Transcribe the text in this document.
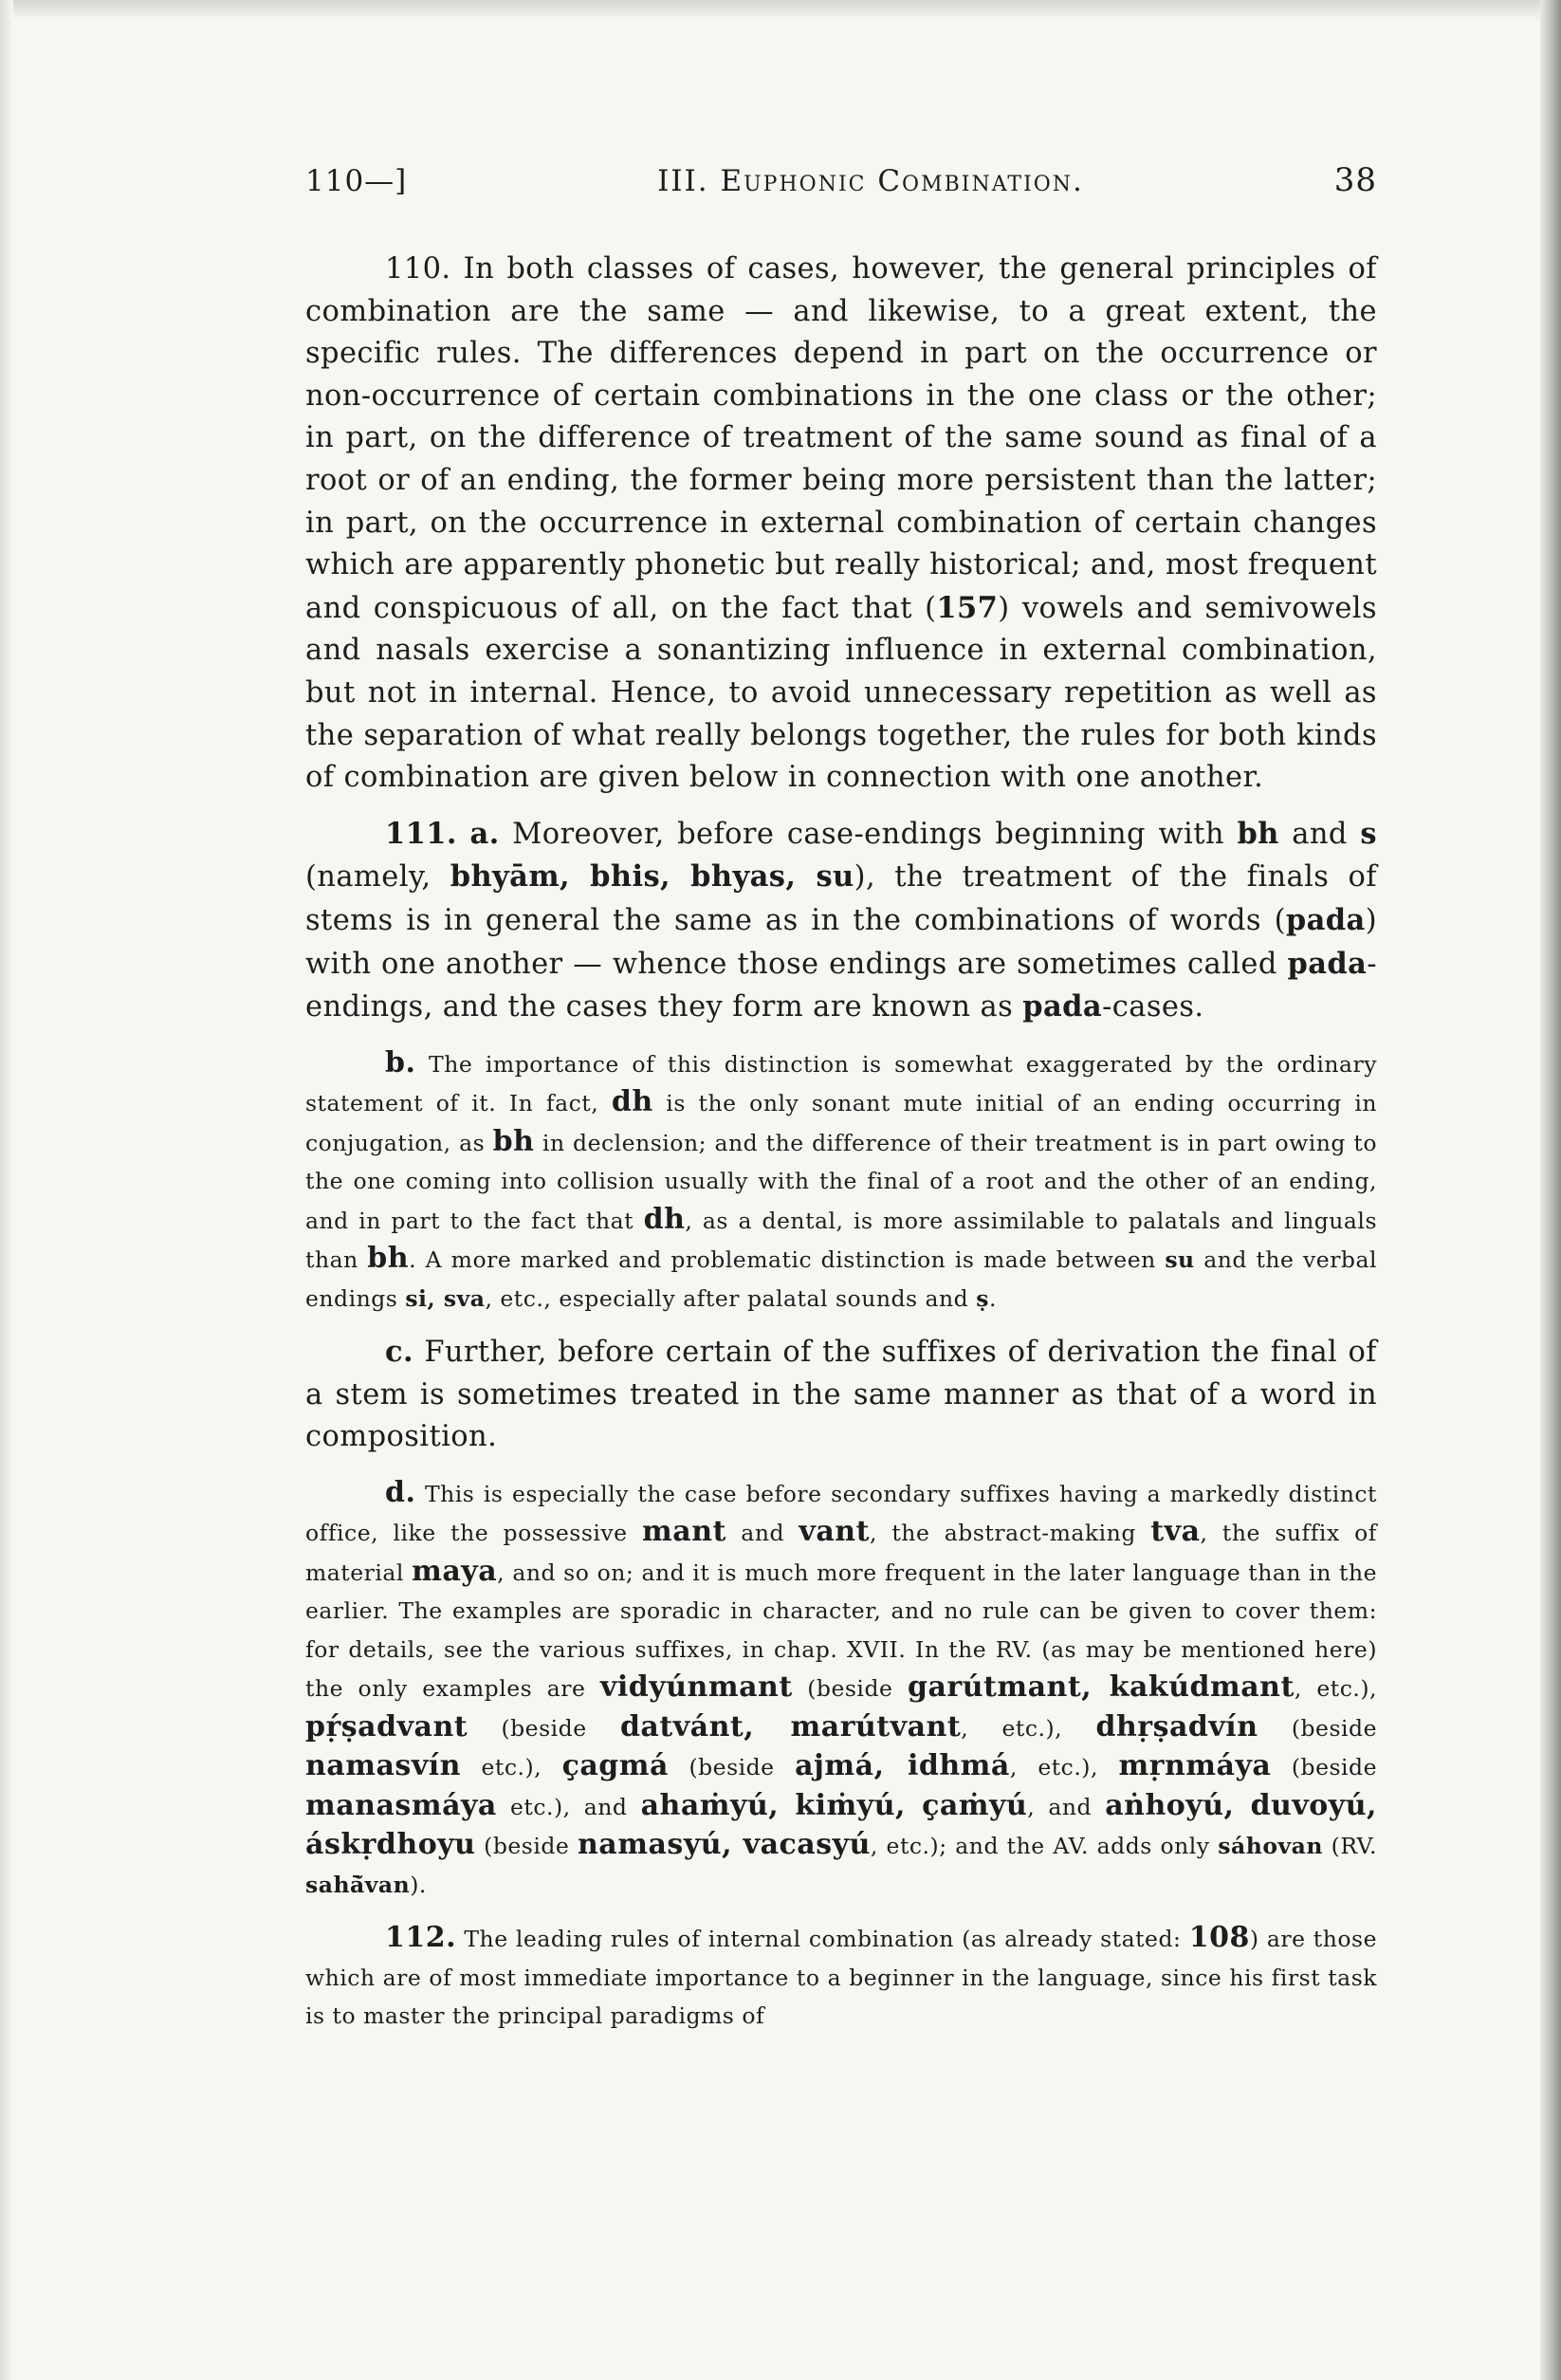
110—]	III. Euphonic Combination.	38

110. In both classes of cases, however, the general principles of combination are the same — and likewise, to a great extent, the specific rules. The differences depend in part on the occurrence or non-occurrence of certain combinations in the one class or the other; in part, on the difference of treatment of the same sound as final of a root or of an ending, the former being more persistent than the latter; in part, on the occurrence in external combination of certain changes which are apparently phonetic but really historical; and, most frequent and conspicuous of all, on the fact that (157) vowels and semivowels and nasals exercise a sonantizing influence in external combination, but not in internal. Hence, to avoid unnecessary repetition as well as the separation of what really belongs together, the rules for both kinds of combination are given below in connection with one another.

111. a. Moreover, before case-endings beginning with bh and s (namely, bhyām, bhis, bhyas, su), the treatment of the finals of stems is in general the same as in the combinations of words (pada) with one another — whence those endings are sometimes called pada-endings, and the cases they form are known as pada-cases.

b. The importance of this distinction is somewhat exaggerated by the ordinary statement of it. In fact, dh is the only sonant mute initial of an ending occurring in conjugation, as bh in declension; and the difference of their treatment is in part owing to the one coming into collision usually with the final of a root and the other of an ending, and in part to the fact that dh, as a dental, is more assimilable to palatals and linguals than bh. A more marked and problematic distinction is made between su and the verbal endings si, sva, etc., especially after palatal sounds and ṣ.

c. Further, before certain of the suffixes of derivation the final of a stem is sometimes treated in the same manner as that of a word in composition.

d. This is especially the case before secondary suffixes having a markedly distinct office, like the possessive mant and vant, the abstract-making tva, the suffix of material maya, and so on; and it is much more frequent in the later language than in the earlier. The examples are sporadic in character, and no rule can be given to cover them: for details, see the various suffixes, in chap. XVII. In the RV. (as may be mentioned here) the only examples are vidyúnmant (beside garútmant, kakúdmant, etc.), pṛ́ṣadvant (beside datvánt, marútvant, etc.), dhṛṣadvín (beside namasvín etc.), çagmá (beside ajmá, idhmá, etc.), mṛnmáya (beside manasmáya etc.), and ahaṁyú, kiṁyú, çaṁyú, and aṅhoyú, duvoyú, áskṛdhoyu (beside namasyú, vacasyú, etc.); and the AV. adds only sáhovan (RV. sahā̆van).

112. The leading rules of internal combination (as already stated: 108) are those which are of most immediate importance to a beginner in the language, since his first task is to master the principal paradigms of
